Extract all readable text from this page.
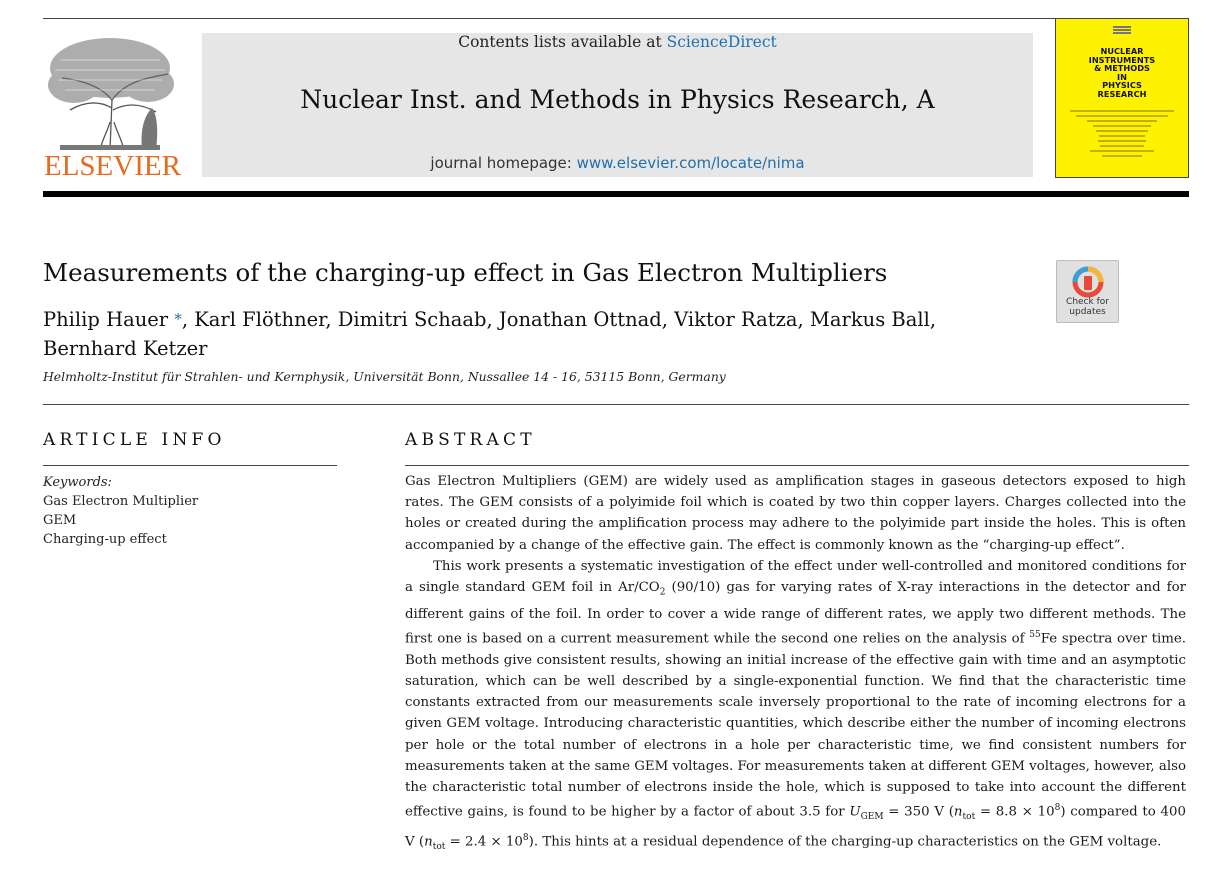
ELSEVIER
Contents lists available at ScienceDirect
Nuclear Inst. and Methods in Physics Research, A
journal homepage: www.elsevier.com/locate/nima
NUCLEAR
INSTRUMENTS
& METHODS
IN
PHYSICS
RESEARCH
Measurements of the charging-up effect in Gas Electron Multipliers
Check for
updates
Philip Hauer *, Karl Flöthner, Dimitri Schaab, Jonathan Ottnad, Viktor Ratza, Markus Ball, Bernhard Ketzer
Helmholtz-Institut für Strahlen- und Kernphysik, Universität Bonn, Nussallee 14 - 16, 53115 Bonn, Germany
ARTICLE INFO
Keywords:
Gas Electron Multiplier
GEM
Charging-up effect
ABSTRACT

Gas Electron Multipliers (GEM) are widely used as amplification stages in gaseous detectors exposed to high rates. The GEM consists of a polyimide foil which is coated by two thin copper layers. Charges collected into the holes or created during the amplification process may adhere to the polyimide part inside the holes. This is often accompanied by a change of the effective gain. The effect is commonly known as the “charging-up effect”.

This work presents a systematic investigation of the effect under well-controlled and monitored conditions for a single standard GEM foil in $Ar/CO_2$ (90/10) gas for varying rates of X-ray interactions in the detector and for different gains of the foil. In order to cover a wide range of different rates, we apply two different methods. The first one is based on a current measurement while the second one relies on the analysis of $^{55}$Fe spectra over time. Both methods give consistent results, showing an initial increase of the effective gain with time and an asymptotic saturation, which can be well described by a single-exponential function. We find that the characteristic time constants extracted from our measurements scale inversely proportional to the rate of incoming electrons for a given GEM voltage. Introducing characteristic quantities, which describe either the number of incoming electrons per hole or the total number of electrons in a hole per characteristic time, we find consistent numbers for measurements taken at the same GEM voltages. For measurements taken at different GEM voltages, however, also the characteristic total number of electrons inside the hole, which is supposed to take into account the different effective gains, is found to be higher by a factor of about 3.5 for $U_{GEM} = 350$ V $(n_{tot} = 8.8 \times 10^8)$ compared to 400 V $(n_{tot} = 2.4 \times 10^8)$. This hints at a residual dependence of the charging-up characteristics on the GEM voltage.
